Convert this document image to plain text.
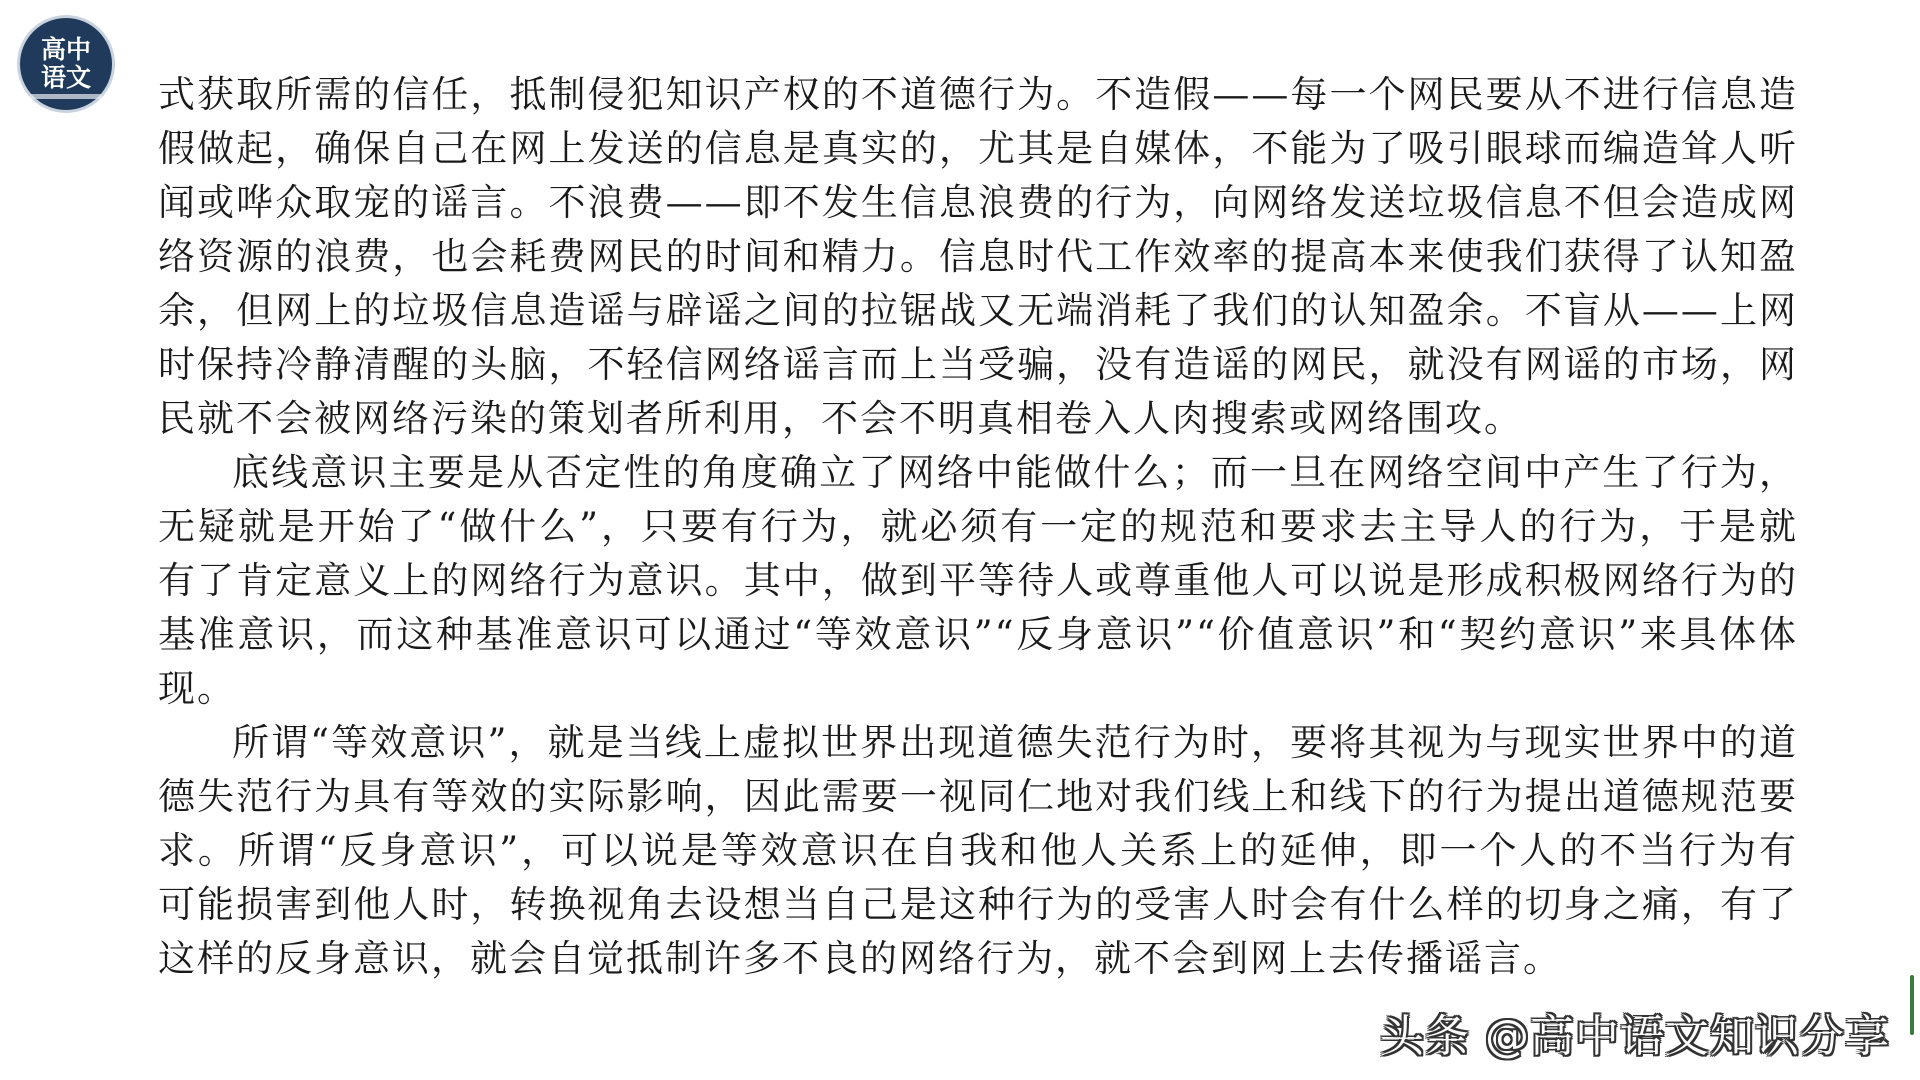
高中
语文	式获取所需的信任，抵制侵犯知识产权的不道德行为。不造假——每一个网民要从不进行信息造假做起，确保自己在网上发送的信息是真实的，尤其是自媒体，不能为了吸引眼球而编造耸人听闻或哗众取宠的谣言。不浪费——即不发生信息浪费的行为，向网络发送垃圾信息不但会造成网络资源的浪费，也会耗费网民的时间和精力。信息时代工作效率的提高本来使我们获得了认知盈余，但网上的垃圾信息造谣与辟谣之间的拉锯战又无端消耗了我们的认知盈余。不盲从——上网时保持冷静清醒的头脑，不轻信网络谣言而上当受骗，没有造谣的网民，就没有网谣的市场，网民就不会被网络污染的策划者所利用，不会不明真相卷入人肉搜索或网络围攻。

底线意识主要是从否定性的角度确立了网络中能做什么；而一旦在网络空间中产生了行为，无疑就是开始了“做什么”，只要有行为，就必须有一定的规范和要求去主导人的行为，于是就有了肯定意义上的网络行为意识。其中，做到平等待人或尊重他人可以说是形成积极网络行为的基准意识，而这种基准意识可以通过“等效意识”“反身意识”“价值意识”和“契约意识”来具体体现。

所谓“等效意识”，就是当线上虚拟世界出现道德失范行为时，要将其视为与现实世界中的道德失范行为具有等效的实际影响，因此需要一视同仁地对我们线上和线下的行为提出道德规范要求。所谓“反身意识”，可以说是等效意识在自我和他人关系上的延伸，即一个人的不当行为有可能损害到他人时，转换视角去设想当自己是这种行为的受害人时会有什么样的切身之痛，有了这样的反身意识，就会自觉抵制许多不良的网络行为，就不会到网上去传播谣言。

头条 @高中语文知识分享
